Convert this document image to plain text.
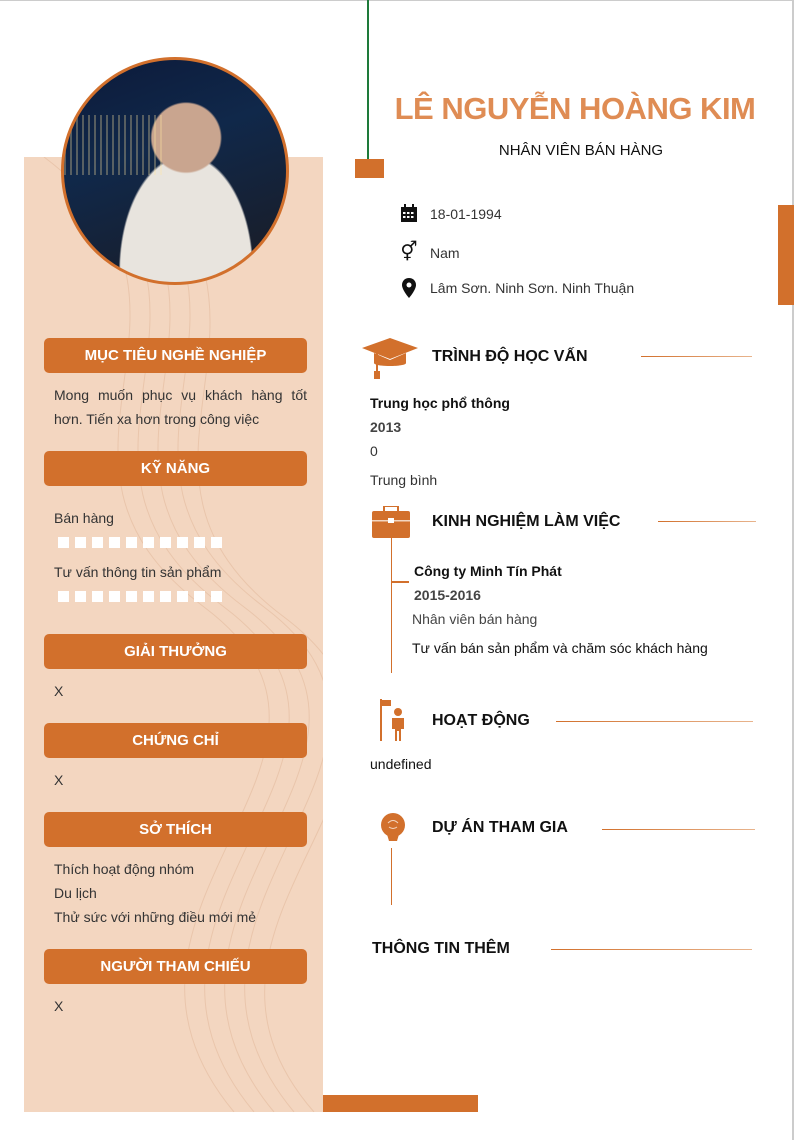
MỤC TIÊU NGHỀ NGHIỆP
Mong muốn phục vụ khách hàng tốt hơn. Tiến xa hơn trong công việc
KỸ NĂNG
Bán hàng
Tư vấn thông tin sản phẩm
GIẢI THƯỞNG
X
CHỨNG CHỈ
X
SỞ THÍCH
Thích hoạt động nhóm
Du lịch
Thử sức với những điều mới mẻ
NGƯỜI THAM CHIẾU
X
LÊ NGUYỄN HOÀNG KIM
NHÂN VIÊN BÁN HÀNG
18-01-1994
⚥ Nam
Lâm Sơn. Ninh Sơn. Ninh Thuận
TRÌNH ĐỘ HỌC VẤN
Trung học phổ thông
2013
0
Trung bình
KINH NGHIỆM LÀM VIỆC
Công ty Minh Tín Phát
2015-2016
Nhân viên bán hàng
Tư vấn bán sản phẩm và chăm sóc khách hàng
HOẠT ĐỘNG
undefined
DỰ ÁN THAM GIA
THÔNG TIN THÊM
